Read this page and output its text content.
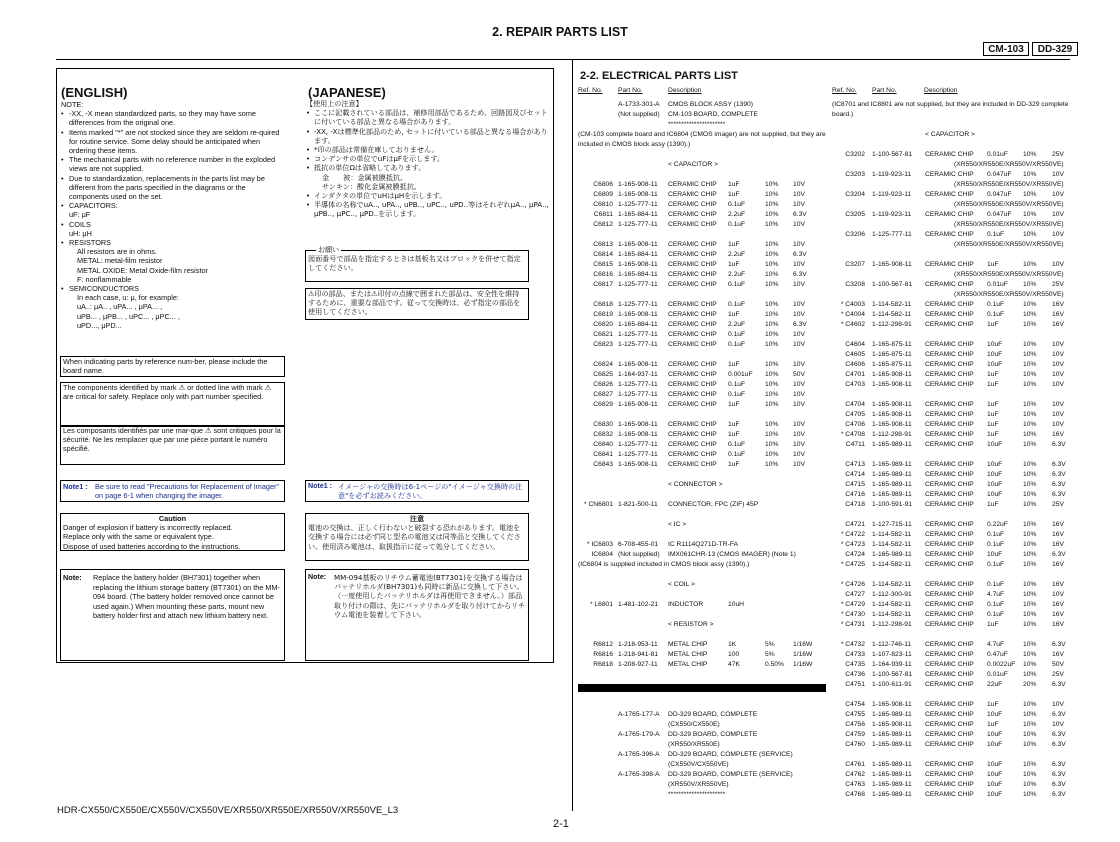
2. REPAIR PARTS LIST
CM-103	DD-329
(ENGLISH)
NOTE:
• -XX, -X mean standardized parts, so they may have some differences from the original one.
• Items marked "*" are not stocked since they are seldom re-quired for routine service. Some delay should be anticipated when ordering these items.
• The mechanical parts with no reference number in the exploded views are not supplied.
• Due to standardization, replacements in the parts list may be different from the parts specified in the diagrams or the components used on the set.
• CAPACITORS:
uF: μF
• COILS
uH: μH
• RESISTORS
All resistors are in ohms.
METAL: metal-film resistor
METAL OXIDE: Metal Oxide-film resistor
F: nonflammable
• SEMICONDUCTORS
In each case, u: μ, for example:
uA..: μA.. , uPA... , μPA... ,
uPB... , μPB... , uPC... , μPC... ,
uPD..., μPD...
When indicating parts by reference num-ber, please include the board name.
The components identified by mark ⚠ or dotted line with mark ⚠ are critical for safety. Replace only with part number specified.
Les composants identifiés par une mar-que ⚠ sont critiques pour la sécurité. Ne les remplacer que par une pièce portant le numéro spécifié.
(JAPANESE)
【使用上の注意】
• ここに記載されている部品は、補修用部品であるため、回路図及びセットに付いている部品と異なる場合があります。
• -XX, -Xは標準化部品のため, セットに付いている部品と異なる場合があります。
• *印の部品は常備在庫しておりません。
• コンデンサの単位でuFはμFを示します。
• 抵抗の単位Ωは省略してあります。
金　　被：金属被膜抵抗。
サンキン：酸化金属被膜抵抗。
• インダクタの単位でuHはμHを示します。
• 半導体の名称でuA.., uPA.., uPB.., uPC.., uPD..等はそれぞれμA.., μPA.., μPB.., μPC.., μPD..を示します。
お願い
図面番号で部品を指定するときは基板名又はブロックを併せて指定してください。
⚠印の部品、または⚠印付の点線で囲まれた部品は、安全性を維持するために、重要な部品です。従って交換時は、必ず指定の部品を使用してください。
Note1 : Be sure to read "Precautions for Replacement of Imager" on page 6-1 when changing the imager.
Note1 : イメージャの交換時は6-1ページの"イメージャ交換時の注意"を必ずお読みください。
Caution
Danger of explosion if battery is incorrectly replaced.
Replace only with the same or equivalent type.
Dispose of used batteries according to the instructions.
注意
電池の交換は、正しく行わないと破裂する恐れがあります。電池を交換する場合には必ず同じ型名の電池又は同等品と交換してください。使用済み電池は、取扱指示に従って処分してください。
Note:	Replace the battery holder (BH7301) together when replacing the lithium storage battery (BT7301) on the MM-094 board. (The battery holder removed once cannot be used again.) When mounting these parts, mount new battery holder first and attach new lithium battery next.
Note:	MM-094基板のリチウム蓄電池(BT7301)を交換する場合はバッテリホルダ(BH7301)も同時に新品に交換して下さい。（一度使用したバッテリホルダは再使用できません。）部品取り付けの際は、先にバッテリホルダを取り付けてからリチウム電池を装着して下さい。
2-2. ELECTRICAL PARTS LIST
Ref. No. Part No.	Description	Ref. No. Part No.	Description
A-1733-301-A CMOS BLOCK ASSY (1390)
(Not supplied) CM-103 BOARD, COMPLETE
**********************
(CM-103 complete board and IC6804 (CMOS imager) are not supplied, but they are
included in CMOS block assy (1390).)
< CAPACITOR >
C6806 1-165-908-11 CERAMIC CHIP 1uF	10% 10V
C6809 1-165-908-11 CERAMIC CHIP 1uF	10% 10V
C6810 1-125-777-11 CERAMIC CHIP 0.1uF	10% 10V
C6811 1-165-884-11 CERAMIC CHIP 2.2uF	10% 6.3V
C6812 1-125-777-11 CERAMIC CHIP 0.1uF	10% 10V
C6813 1-165-908-11 CERAMIC CHIP 1uF	10% 10V
C6814 1-165-884-11 CERAMIC CHIP 2.2uF	10% 6.3V
C6815 1-165-908-11 CERAMIC CHIP 1uF	10% 10V
C6816 1-165-884-11 CERAMIC CHIP 2.2uF	10% 6.3V
C6817 1-125-777-11 CERAMIC CHIP 0.1uF	10% 10V
C6818 1-125-777-11 CERAMIC CHIP 0.1uF	10% 10V
C6819 1-165-908-11 CERAMIC CHIP 1uF	10% 10V
C6820 1-165-884-11 CERAMIC CHIP 2.2uF	10% 6.3V
C6821 1-125-777-11 CERAMIC CHIP 0.1uF	10% 10V
C6823 1-125-777-11 CERAMIC CHIP 0.1uF	10% 10V
C6824 1-165-908-11 CERAMIC CHIP 1uF	10% 10V
C6825 1-164-937-11 CERAMIC CHIP 0.001uF 10% 50V
C6826 1-125-777-11 CERAMIC CHIP 0.1uF	10% 10V
C6827 1-125-777-11 CERAMIC CHIP 0.1uF	10% 10V
C6829 1-165-908-11 CERAMIC CHIP 1uF	10% 10V
C6830 1-165-908-11 CERAMIC CHIP 1uF	10% 10V
C6832 1-165-908-11 CERAMIC CHIP 1uF	10% 10V
C6840 1-125-777-11 CERAMIC CHIP 0.1uF	10% 10V
C6841 1-125-777-11 CERAMIC CHIP 0.1uF	10% 10V
C6843 1-165-908-11 CERAMIC CHIP 1uF	10% 10V
< CONNECTOR >
* CN6801 1-821-500-11 CONNECTOR, FPC (ZIF) 45P
< IC >
* IC6803 6-708-455-01 IC R1114Q271D-TR-FA
IC6804 (Not supplied) IMX061CHR-13 (CMOS IMAGER) (Note 1)
(IC6804 is supplied included in CMOS block assy (1390).)
< COIL >
* L6801 1-481-102-21 INDUCTOR	10uH
< RESISTOR >
R6812 1-218-953-11 METAL CHIP	1K	5%	1/16W
R6816 1-218-941-81 METAL CHIP	100	5%	1/16W
R6818 1-208-927-11 METAL CHIP	47K	0.50% 1/16W
A-1765-177-A DD-329 BOARD, COMPLETE
(CX550/CX550E)
A-1765-179-A DD-329 BOARD, COMPLETE
(XR550/XR550E)
A-1765-396-A DD-329 BOARD, COMPLETE (SERVICE)
(CX550V/CX550VE)
A-1765-398-A DD-329 BOARD, COMPLETE (SERVICE)
(XR550V/XR550VE)
**********************
(IC8701 and IC8801 are not supplied, but they are included in DD-329 complete
board.)
< CAPACITOR >
C3202 1-100-567-81 CERAMIC CHIP 0.01uF 10% 25V
(XR550/XR550E/XR550V/XR550VE)
C3203 1-119-923-11 CERAMIC CHIP 0.047uF 10% 10V
(XR550/XR550E/XR550V/XR550VE)
C3204 1-119-923-11 CERAMIC CHIP 0.047uF 10% 10V
(XR550/XR550E/XR550V/XR550VE)
C3205 1-119-923-11 CERAMIC CHIP 0.047uF 10% 10V
(XR550/XR550E/XR550V/XR550VE)
C3206 1-125-777-11 CERAMIC CHIP 0.1uF	10% 10V
(XR550/XR550E/XR550V/XR550VE)
C3207 1-165-908-11 CERAMIC CHIP 1uF	10% 10V
(XR550/XR550E/XR550V/XR550VE)
C3208 1-100-567-81 CERAMIC CHIP 0.01uF 10% 25V
(XR550/XR550E/XR550V/XR550VE)
* C4003 1-114-582-11 CERAMIC CHIP 0.1uF	10% 16V
* C4004 1-114-582-11 CERAMIC CHIP 0.1uF	10% 16V
* C4602 1-112-298-91 CERAMIC CHIP 1uF	10% 16V
C4604 1-165-875-11 CERAMIC CHIP 10uF	10% 10V
C4605 1-165-875-11 CERAMIC CHIP 10uF	10% 10V
C4606 1-165-875-11 CERAMIC CHIP 10uF	10% 10V
C4701 1-165-908-11 CERAMIC CHIP 1uF	10% 10V
C4703 1-165-908-11 CERAMIC CHIP 1uF	10% 10V
C4704 1-165-908-11 CERAMIC CHIP 1uF	10% 10V
C4705 1-165-908-11 CERAMIC CHIP 1uF	10% 10V
C4706 1-165-908-11 CERAMIC CHIP 1uF	10% 10V
* C4708 1-112-298-91 CERAMIC CHIP 1uF	10% 16V
C4711 1-165-989-11 CERAMIC CHIP 10uF	10% 6.3V
C4713 1-165-989-11 CERAMIC CHIP 10uF	10% 6.3V
C4714 1-165-989-11 CERAMIC CHIP 10uF	10% 6.3V
C4715 1-165-989-11 CERAMIC CHIP 10uF	10% 6.3V
C4716 1-165-989-11 CERAMIC CHIP 10uF	10% 6.3V
C4718 1-100-591-91 CERAMIC CHIP 1uF	10% 25V
C4721 1-127-715-11 CERAMIC CHIP 0.22uF 10% 16V
* C4722 1-114-582-11 CERAMIC CHIP 0.1uF	10% 16V
* C4723 1-114-582-11 CERAMIC CHIP 0.1uF	10% 16V
C4724 1-165-989-11 CERAMIC CHIP 10uF	10% 6.3V
* C4725 1-114-582-11 CERAMIC CHIP 0.1uF	10% 16V
* C4726 1-114-582-11 CERAMIC CHIP 0.1uF	10% 16V
C4727 1-112-300-91 CERAMIC CHIP 4.7uF	10% 10V
* C4729 1-114-582-11 CERAMIC CHIP 0.1uF	10% 16V
* C4730 1-114-582-11 CERAMIC CHIP 0.1uF	10% 16V
* C4731 1-112-298-91 CERAMIC CHIP 1uF	10% 16V
* C4732 1-112-746-11 CERAMIC CHIP 4.7uF	10% 6.3V
C4733 1-107-823-11 CERAMIC CHIP 0.47uF 10% 16V
C4735 1-164-939-11 CERAMIC CHIP 0.0022uF 10% 50V
C4736 1-100-567-81 CERAMIC CHIP 0.01uF 10% 25V
C4751 1-100-611-91 CERAMIC CHIP 22uF	20% 6.3V
C4754 1-165-908-11 CERAMIC CHIP 1uF	10% 10V
C4755 1-165-989-11 CERAMIC CHIP 10uF	10% 6.3V
C4756 1-165-908-11 CERAMIC CHIP 1uF	10% 10V
C4759 1-165-989-11 CERAMIC CHIP 10uF	10% 6.3V
C4760 1-165-989-11 CERAMIC CHIP 10uF	10% 6.3V
C4761 1-165-989-11 CERAMIC CHIP 10uF	10% 6.3V
C4762 1-165-989-11 CERAMIC CHIP 10uF	10% 6.3V
C4763 1-165-989-11 CERAMIC CHIP 10uF	10% 6.3V
C4768 1-165-989-11 CERAMIC CHIP 10uF	10% 6.3V
HDR-CX550/CX550E/CX550V/CX550VE/XR550/XR550E/XR550V/XR550VE_L3
2-1
